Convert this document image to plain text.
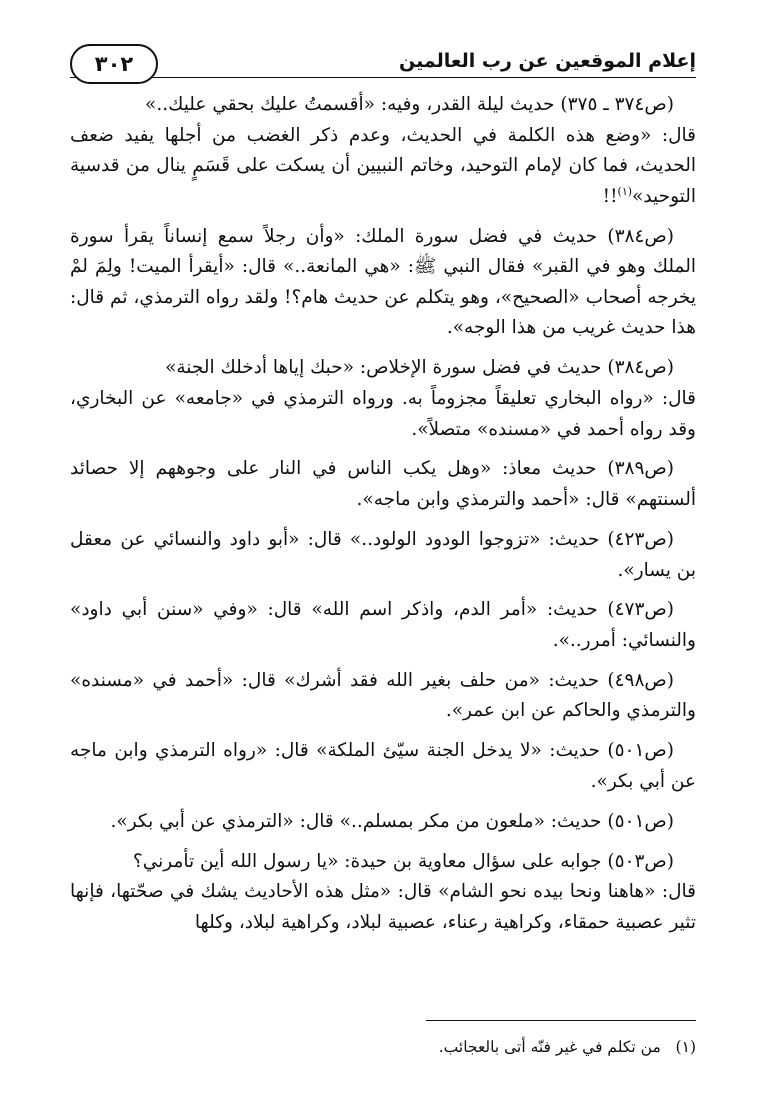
٣٠٢	إعلام الموقعين عن رب العالمين

(ص٣٧٤ ـ ٣٧٥) حديث ليلة القدر، وفيه: «أقسمتُ عليك بحقي عليك..»

قال: «وضع هذه الكلمة في الحديث، وعدم ذكر الغضب من أجلها يفيد ضعف الحديث، فما كان لإمام التوحيد، وخاتم النبيين أن يسكت على قَسَمٍ ينال من قدسية التوحيد»$^{(١)}$!!

(ص٣٨٤) حديث في فضل سورة الملك: «وأن رجلاً سمع إنساناً يقرأ سورة الملك وهو في القبر» فقال النبي ﷺ: «هي المانعة..» قال: «أيقرأ الميت! ولِمَ لمْ يخرجه أصحاب «الصحيح»، وهو يتكلم عن حديث هام؟! ولقد رواه الترمذي، ثم قال: هذا حديث غريب من هذا الوجه».

(ص٣٨٤) حديث في فضل سورة الإخلاص: «حبك إياها أدخلك الجنة»

قال: «رواه البخاري تعليقاً مجزوماً به. ورواه الترمذي في «جامعه» عن البخاري، وقد رواه أحمد في «مسنده» متصلاً».

(ص٣٨٩) حديث معاذ: «وهل يكب الناس في النار على وجوههم إلا حصائد ألسنتهم» قال: «أحمد والترمذي وابن ماجه».

(ص٤٢٣) حديث: «تزوجوا الودود الولود..» قال: «أبو داود والنسائي عن معقل بن يسار».

(ص٤٧٣) حديث: «أمر الدم، واذكر اسم الله» قال: «وفي «سنن أبي داود» والنسائي: أمرر..».

(ص٤٩٨) حديث: «من حلف بغير الله فقد أشرك» قال: «أحمد في «مسنده» والترمذي والحاكم عن ابن عمر».

(ص٥٠١) حديث: «لا يدخل الجنة سيّئ الملكة» قال: «رواه الترمذي وابن ماجه عن أبي بكر».

(ص٥٠١) حديث: «ملعون من مكر بمسلم..» قال: «الترمذي عن أبي بكر».

(ص٥٠٣) جوابه على سؤال معاوية بن حيدة: «يا رسول الله أين تأمرني؟

قال: «هاهنا ونحا بيده نحو الشام» قال: «مثل هذه الأحاديث يشك في صحّتها، فإنها تثير عصبية حمقاء، وكراهية رعناء، عصبية لبلاد، وكراهية لبلاد، وكلها

(١)   من تكلم في غير فنّه أتى بالعجائب.
